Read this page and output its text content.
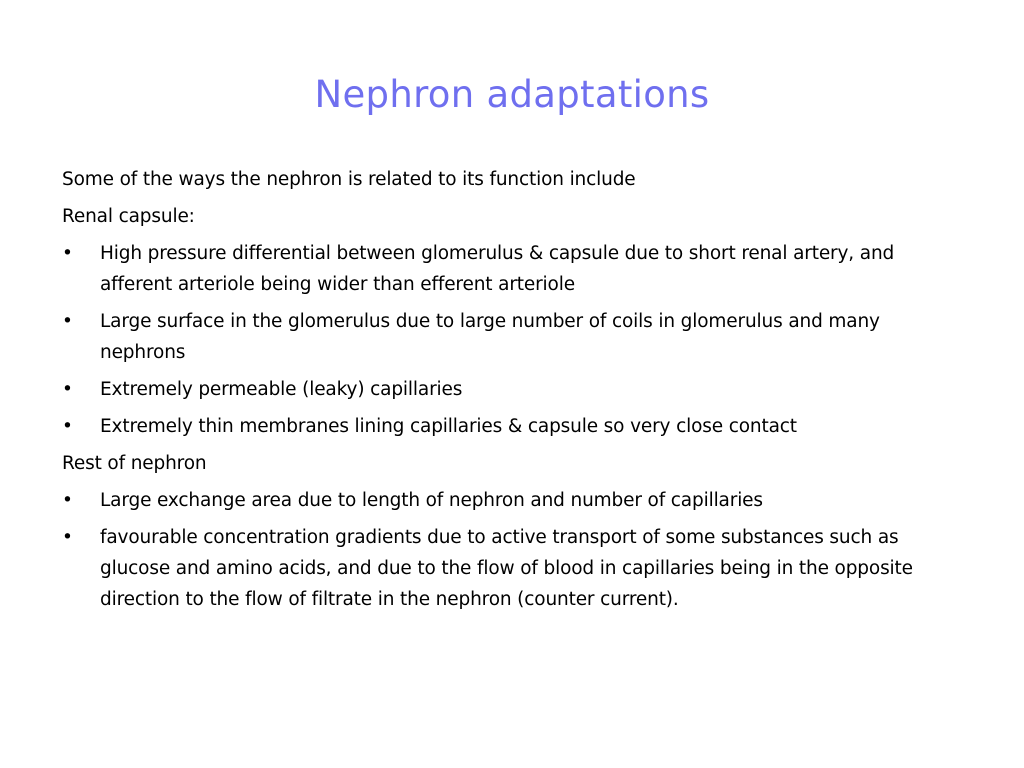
Nephron adaptations
Some of the ways the nephron is related to its function include
Renal capsule:
•	High pressure differential between glomerulus & capsule due to short renal artery, and afferent arteriole being wider than efferent arteriole
•	Large surface in the glomerulus due to large number of coils in glomerulus and many nephrons
•	Extremely permeable (leaky) capillaries
•	Extremely thin membranes lining capillaries & capsule so very close contact
Rest of nephron
•	Large exchange area due to length of nephron and number of capillaries
•	favourable concentration gradients due to active transport of some substances such as glucose and amino acids, and due to the flow of blood in capillaries being in the opposite direction to the flow of filtrate in the nephron (counter current).
